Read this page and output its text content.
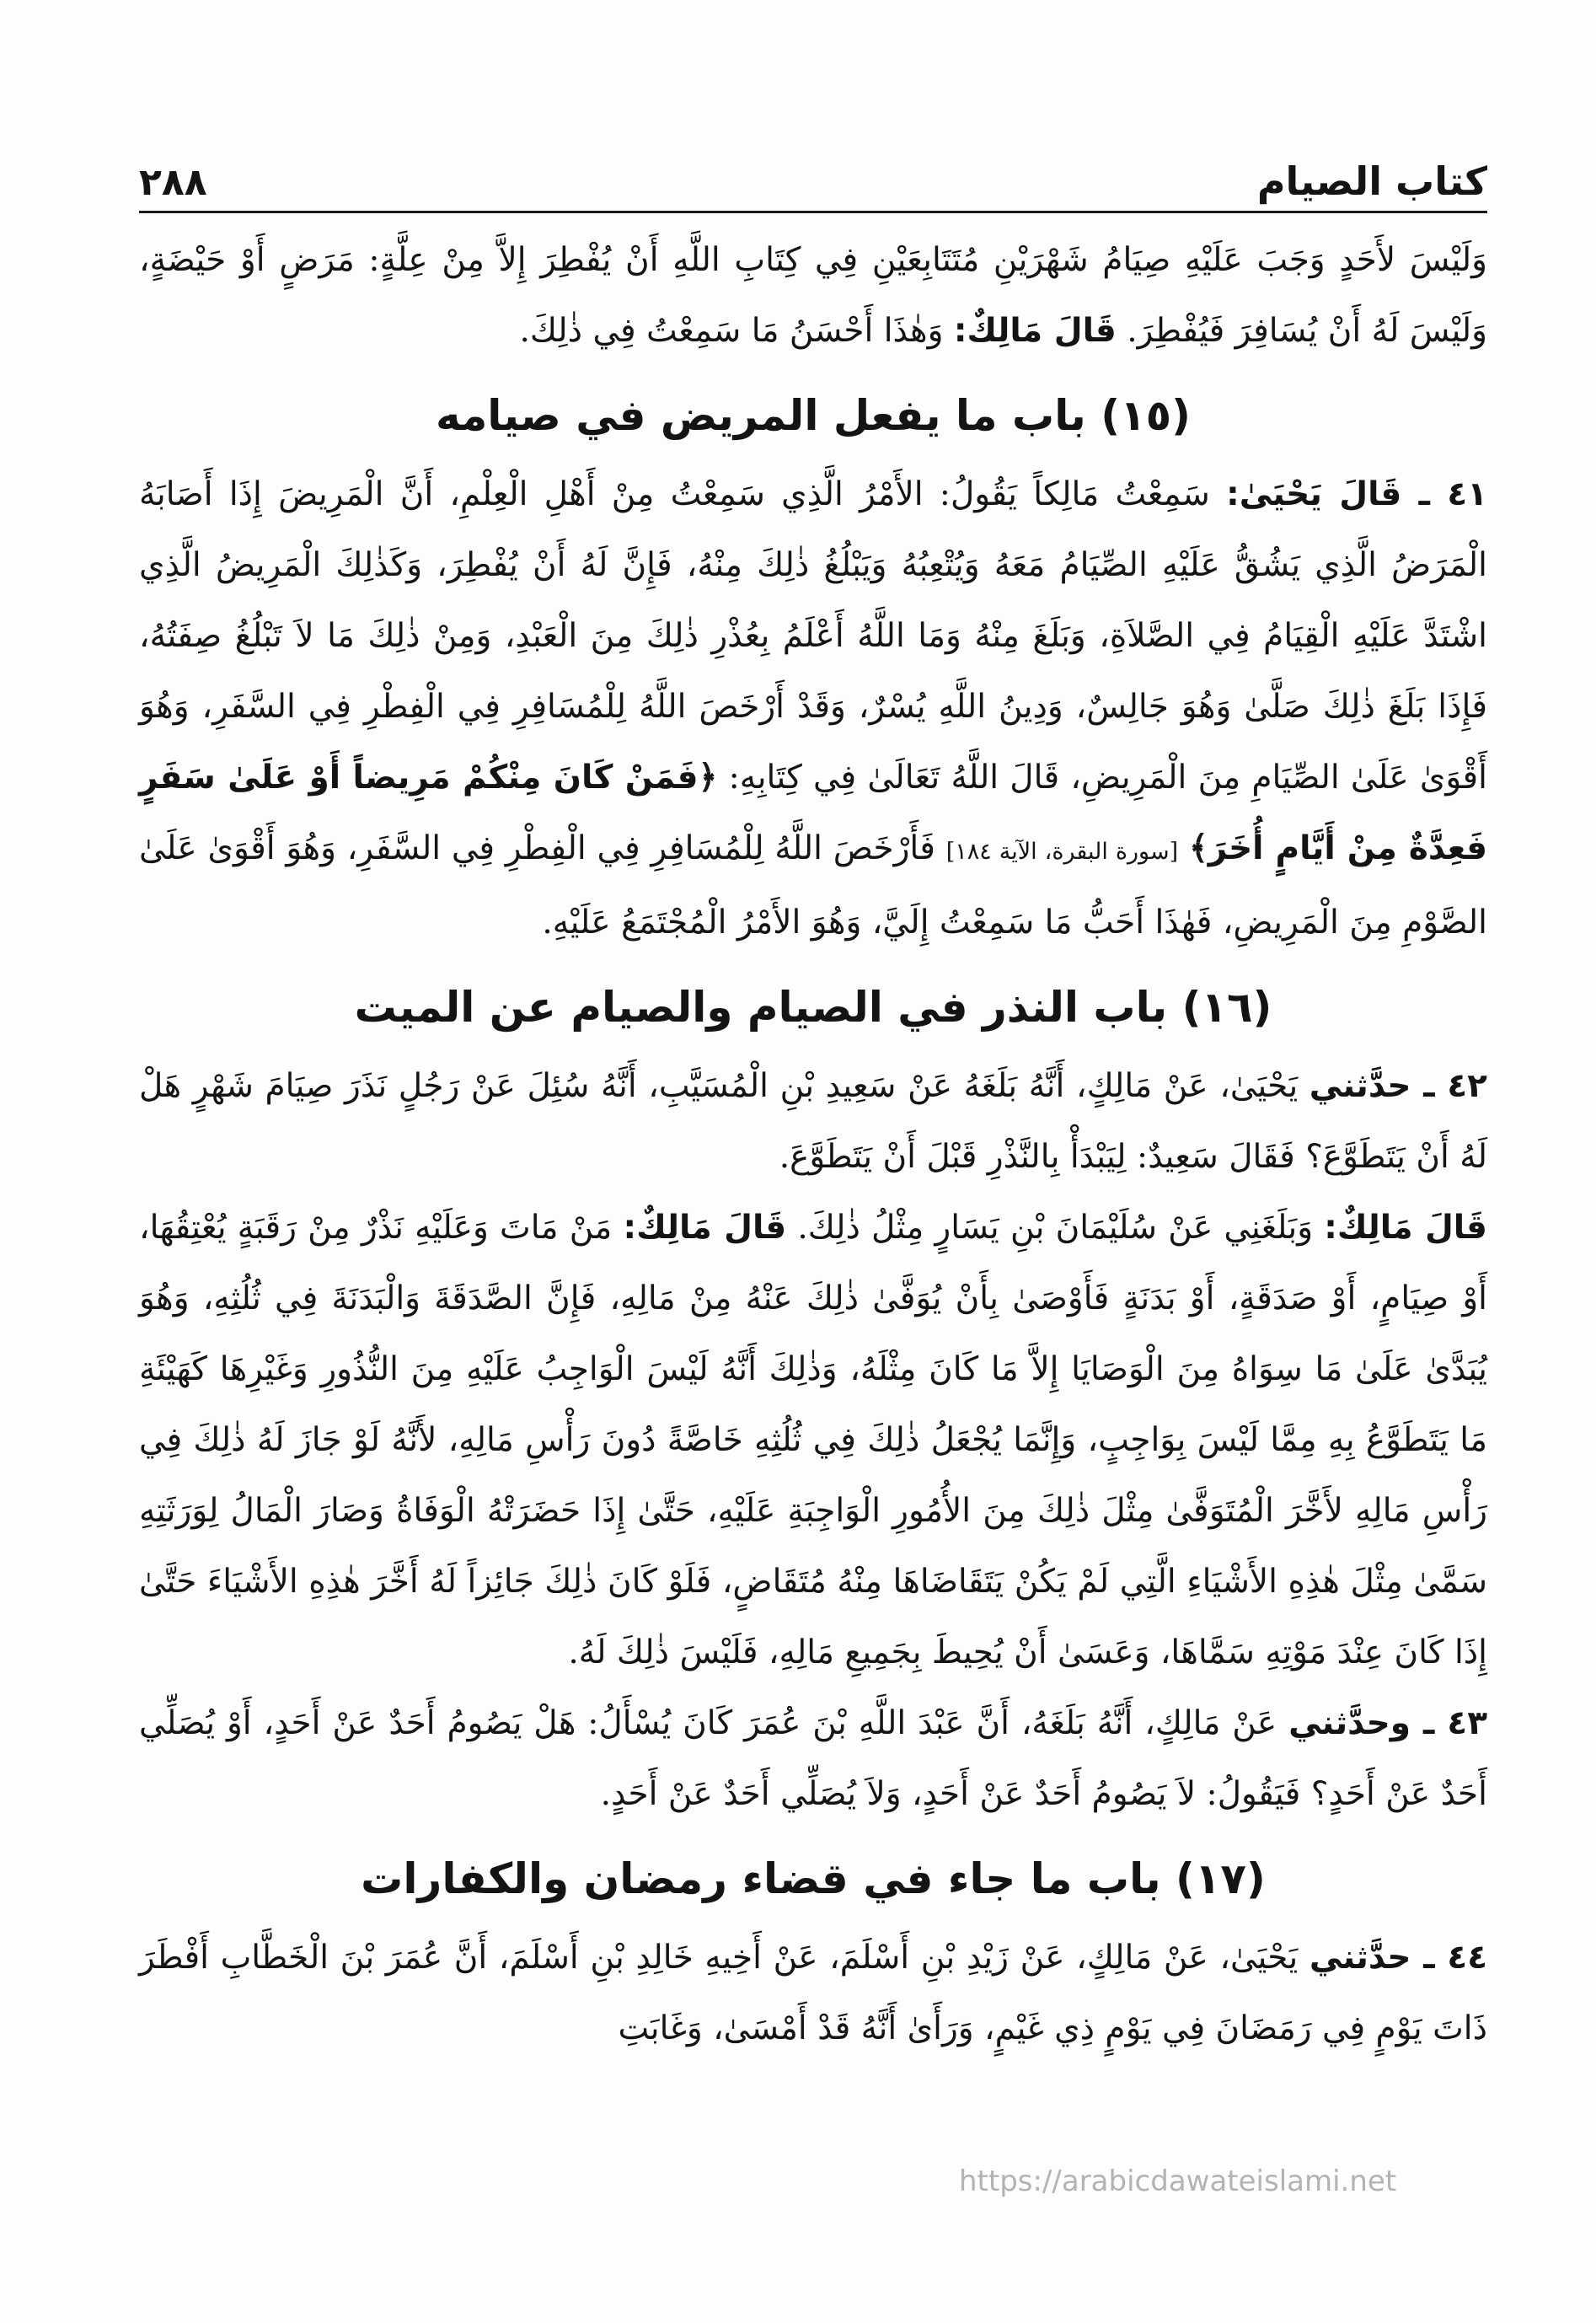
كتاب الصيام
٢٨٨

وَلَيْسَ لأَحَدٍ وَجَبَ عَلَيْهِ صِيَامُ شَهْرَيْنِ مُتَتَابِعَيْنِ فِي كِتَابِ اللَّهِ أَنْ يُفْطِرَ إِلاَّ مِنْ عِلَّةٍ: مَرَضٍ أَوْ حَيْضَةٍ، وَلَيْسَ لَهُ أَنْ يُسَافِرَ فَيُفْطِرَ. قَالَ مَالِكٌ: وَهٰذَا أَحْسَنُ مَا سَمِعْتُ فِي ذٰلِكَ.

(١٥) باب ما يفعل المريض في صيامه

٤١ ـ قَالَ يَحْيَىٰ: سَمِعْتُ مَالِكاً يَقُولُ: الأَمْرُ الَّذِي سَمِعْتُ مِنْ أَهْلِ الْعِلْمِ، أَنَّ الْمَرِيضَ إِذَا أَصَابَهُ الْمَرَضُ الَّذِي يَشُقُّ عَلَيْهِ الصِّيَامُ مَعَهُ وَيُتْعِبُهُ وَيَبْلُغُ ذٰلِكَ مِنْهُ، فَإِنَّ لَهُ أَنْ يُفْطِرَ، وَكَذٰلِكَ الْمَرِيضُ الَّذِي اشْتَدَّ عَلَيْهِ الْقِيَامُ فِي الصَّلاَةِ، وَبَلَغَ مِنْهُ وَمَا اللَّهُ أَعْلَمُ بِعُذْرِ ذٰلِكَ مِنَ الْعَبْدِ، وَمِنْ ذٰلِكَ مَا لاَ تَبْلُغُ صِفَتُهُ، فَإِذَا بَلَغَ ذٰلِكَ صَلَّىٰ وَهُوَ جَالِسٌ، وَدِينُ اللَّهِ يُسْرٌ، وَقَدْ أَرْخَصَ اللَّهُ لِلْمُسَافِرِ فِي الْفِطْرِ فِي السَّفَرِ، وَهُوَ أَقْوَىٰ عَلَىٰ الصِّيَامِ مِنَ الْمَرِيضِ، قَالَ اللَّهُ تَعَالَىٰ فِي كِتَابِهِ: ﴿فَمَنْ كَانَ مِنْكُمْ مَرِيضاً أَوْ عَلَىٰ سَفَرٍ فَعِدَّةٌ مِنْ أَيَّامٍ أُخَرَ﴾ [سورة البقرة، الآية ١٨٤] فَأَرْخَصَ اللَّهُ لِلْمُسَافِرِ فِي الْفِطْرِ فِي السَّفَرِ، وَهُوَ أَقْوَىٰ عَلَىٰ الصَّوْمِ مِنَ الْمَرِيضِ، فَهٰذَا أَحَبُّ مَا سَمِعْتُ إِلَيَّ، وَهُوَ الأَمْرُ الْمُجْتَمَعُ عَلَيْهِ.

(١٦) باب النذر في الصيام والصيام عن الميت

٤٢ ـ حدَّثني يَحْيَىٰ، عَنْ مَالِكٍ، أَنَّهُ بَلَغَهُ عَنْ سَعِيدِ بْنِ الْمُسَيَّبِ، أَنَّهُ سُئِلَ عَنْ رَجُلٍ نَذَرَ صِيَامَ شَهْرٍ هَلْ لَهُ أَنْ يَتَطَوَّعَ؟ فَقَالَ سَعِيدٌ: لِيَبْدَأْ بِالنَّذْرِ قَبْلَ أَنْ يَتَطَوَّعَ.

قَالَ مَالِكٌ: وَبَلَغَنِي عَنْ سُلَيْمَانَ بْنِ يَسَارٍ مِثْلُ ذٰلِكَ. قَالَ مَالِكٌ: مَنْ مَاتَ وَعَلَيْهِ نَذْرٌ مِنْ رَقَبَةٍ يُعْتِقُهَا، أَوْ صِيَامٍ، أَوْ صَدَقَةٍ، أَوْ بَدَنَةٍ فَأَوْصَىٰ بِأَنْ يُوَفَّىٰ ذٰلِكَ عَنْهُ مِنْ مَالِهِ، فَإِنَّ الصَّدَقَةَ وَالْبَدَنَةَ فِي ثُلُثِهِ، وَهُوَ يُبَدَّىٰ عَلَىٰ مَا سِوَاهُ مِنَ الْوَصَايَا إِلاَّ مَا كَانَ مِثْلَهُ، وَذٰلِكَ أَنَّهُ لَيْسَ الْوَاجِبُ عَلَيْهِ مِنَ النُّذُورِ وَغَيْرِهَا كَهَيْئَةِ مَا يَتَطَوَّعُ بِهِ مِمَّا لَيْسَ بِوَاجِبٍ، وَإِنَّمَا يُجْعَلُ ذٰلِكَ فِي ثُلُثِهِ خَاصَّةً دُونَ رَأْسِ مَالِهِ، لأَنَّهُ لَوْ جَازَ لَهُ ذٰلِكَ فِي رَأْسِ مَالِهِ لأَخَّرَ الْمُتَوَفَّىٰ مِثْلَ ذٰلِكَ مِنَ الأُمُورِ الْوَاجِبَةِ عَلَيْهِ، حَتَّىٰ إِذَا حَضَرَتْهُ الْوَفَاةُ وَصَارَ الْمَالُ لِوَرَثَتِهِ سَمَّىٰ مِثْلَ هٰذِهِ الأَشْيَاءِ الَّتِي لَمْ يَكُنْ يَتَقَاضَاهَا مِنْهُ مُتَقَاضٍ، فَلَوْ كَانَ ذٰلِكَ جَائِزاً لَهُ أَخَّرَ هٰذِهِ الأَشْيَاءَ حَتَّىٰ إِذَا كَانَ عِنْدَ مَوْتِهِ سَمَّاهَا، وَعَسَىٰ أَنْ يُحِيطَ بِجَمِيعِ مَالِهِ، فَلَيْسَ ذٰلِكَ لَهُ.

٤٣ ـ وحدَّثني عَنْ مَالِكٍ، أَنَّهُ بَلَغَهُ، أَنَّ عَبْدَ اللَّهِ بْنَ عُمَرَ كَانَ يُسْأَلُ: هَلْ يَصُومُ أَحَدٌ عَنْ أَحَدٍ، أَوْ يُصَلِّي أَحَدٌ عَنْ أَحَدٍ؟ فَيَقُولُ: لاَ يَصُومُ أَحَدٌ عَنْ أَحَدٍ، وَلاَ يُصَلِّي أَحَدٌ عَنْ أَحَدٍ.

(١٧) باب ما جاء في قضاء رمضان والكفارات

٤٤ ـ حدَّثني يَحْيَىٰ، عَنْ مَالِكٍ، عَنْ زَيْدِ بْنِ أَسْلَمَ، عَنْ أَخِيهِ خَالِدِ بْنِ أَسْلَمَ، أَنَّ عُمَرَ بْنَ الْخَطَّابِ أَفْطَرَ ذَاتَ يَوْمٍ فِي رَمَضَانَ فِي يَوْمٍ ذِي غَيْمٍ، وَرَأَىٰ أَنَّهُ قَدْ أَمْسَىٰ، وَغَابَتِ

https://arabicdawateislami.net
